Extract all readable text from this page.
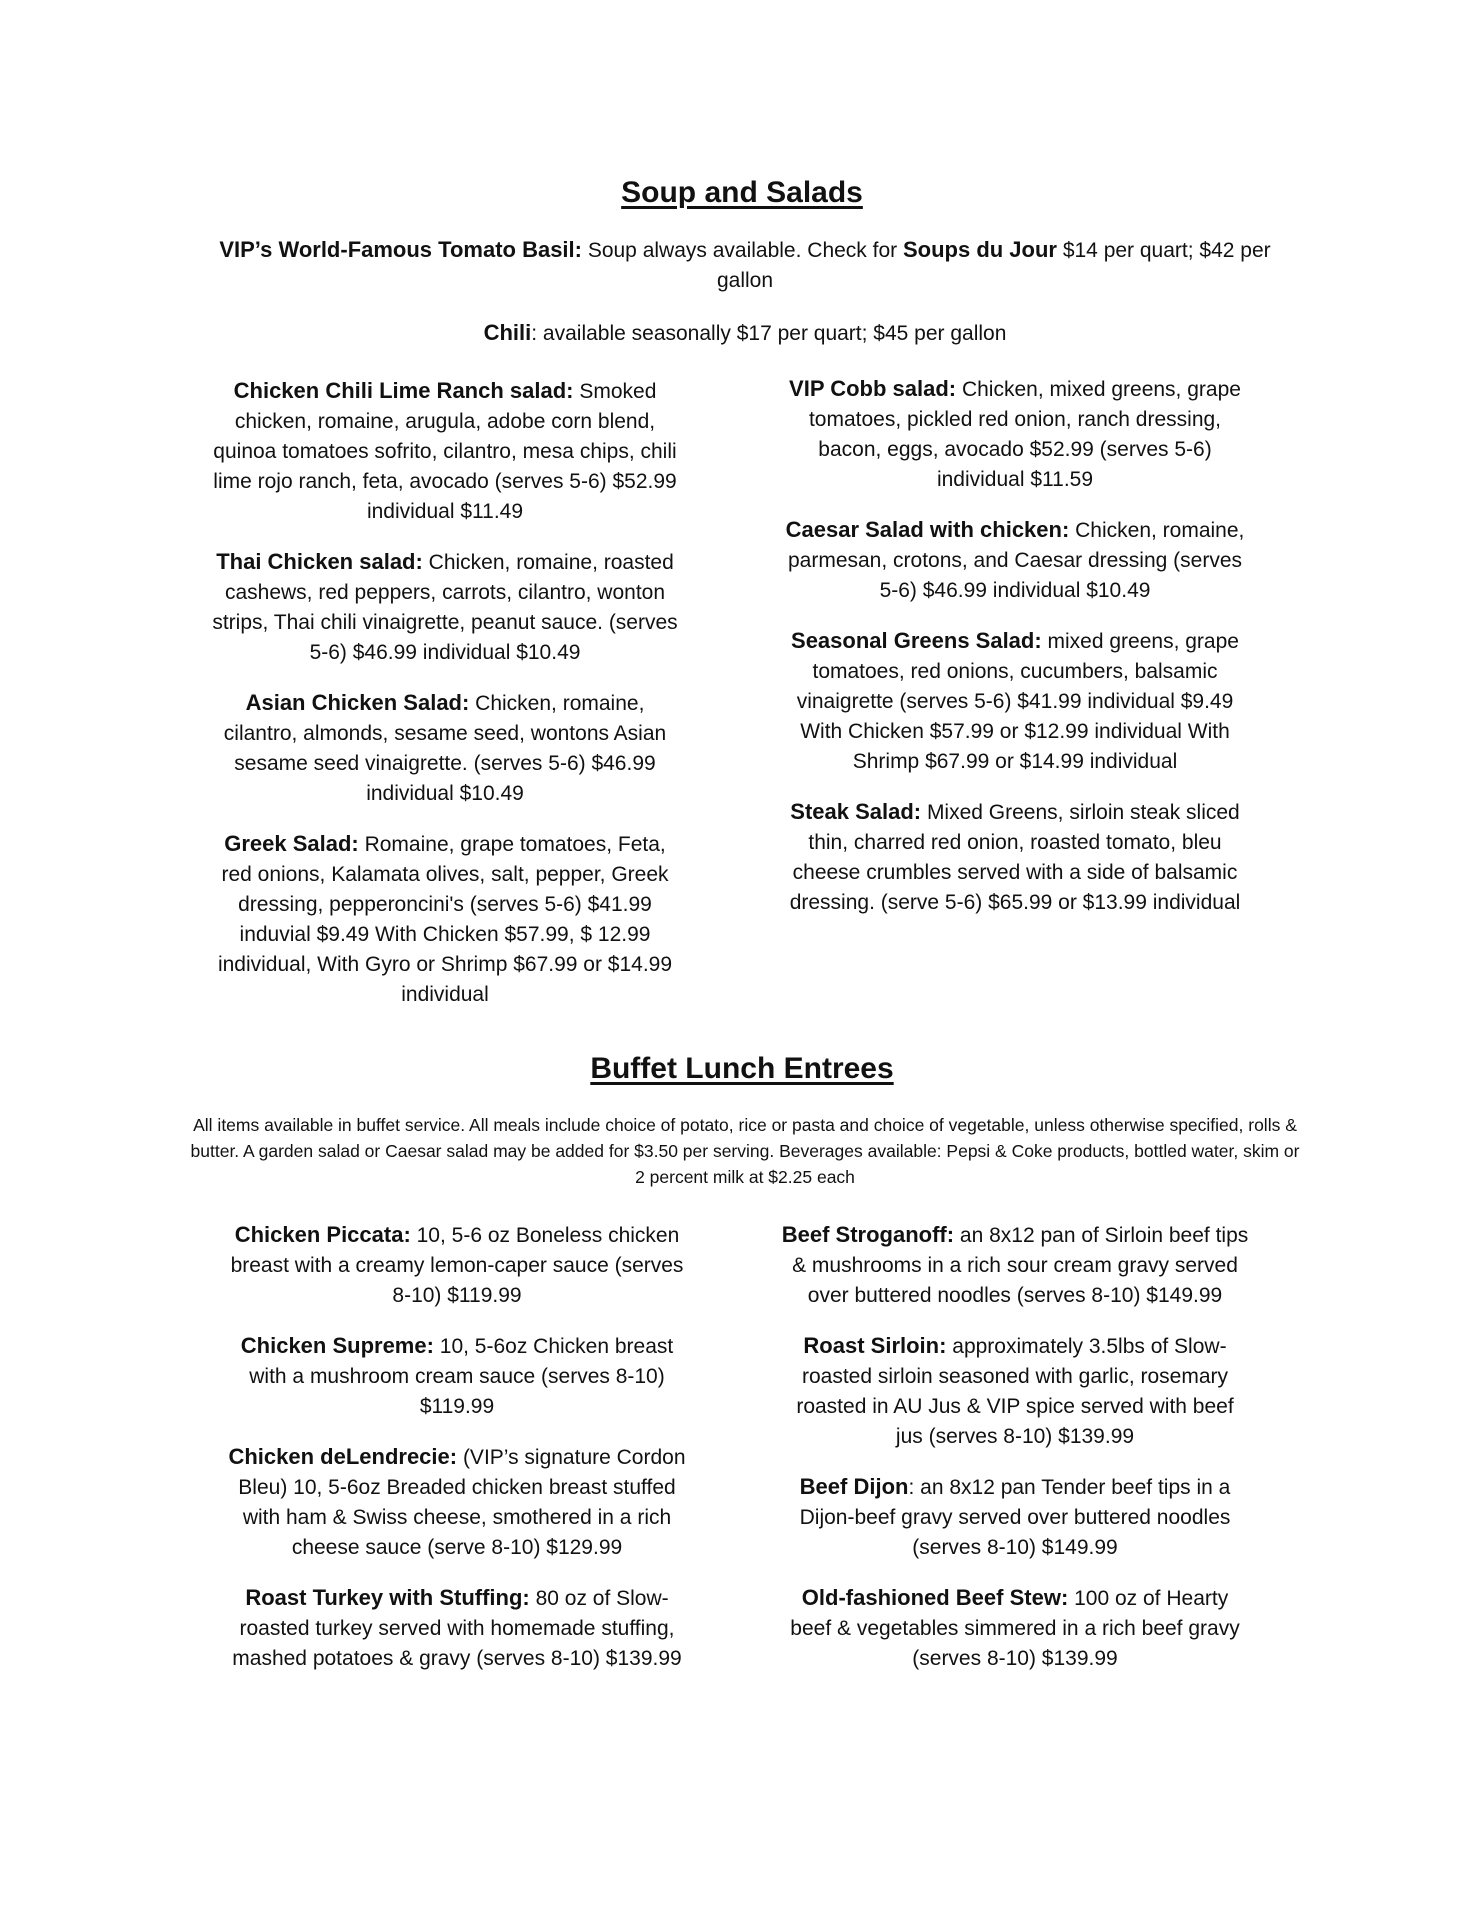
Soup and Salads

VIP’s World-Famous Tomato Basil: Soup always available. Check for Soups du Jour $14 per quart; $42 per gallon

Chili: available seasonally $17 per quart; $45 per gallon

Chicken Chili Lime Ranch salad: Smoked chicken, romaine, arugula, adobe corn blend, quinoa tomatoes sofrito, cilantro, mesa chips, chili lime rojo ranch, feta, avocado (serves 5-6) $52.99 individual $11.49

Thai Chicken salad: Chicken, romaine, roasted cashews, red peppers, carrots, cilantro, wonton strips, Thai chili vinaigrette, peanut sauce. (serves 5-6) $46.99 individual $10.49

Asian Chicken Salad: Chicken, romaine, cilantro, almonds, sesame seed, wontons Asian sesame seed vinaigrette. (serves 5-6) $46.99 individual $10.49

Greek Salad: Romaine, grape tomatoes, Feta, red onions, Kalamata olives, salt, pepper, Greek dressing, pepperoncini's (serves 5-6) $41.99 induvial $9.49 With Chicken $57.99, $ 12.99 individual, With Gyro or Shrimp $67.99 or $14.99 individual

VIP Cobb salad: Chicken, mixed greens, grape tomatoes, pickled red onion, ranch dressing, bacon, eggs, avocado $52.99 (serves 5-6) individual $11.59

Caesar Salad with chicken: Chicken, romaine, parmesan, crotons, and Caesar dressing (serves 5-6) $46.99 individual $10.49

Seasonal Greens Salad: mixed greens, grape tomatoes, red onions, cucumbers, balsamic vinaigrette (serves 5-6) $41.99 individual $9.49 With Chicken $57.99 or $12.99 individual With Shrimp $67.99 or $14.99 individual

Steak Salad: Mixed Greens, sirloin steak sliced thin, charred red onion, roasted tomato, bleu cheese crumbles served with a side of balsamic dressing. (serve 5-6) $65.99 or $13.99 individual

Buffet Lunch Entrees

All items available in buffet service. All meals include choice of potato, rice or pasta and choice of vegetable, unless otherwise specified, rolls & butter. A garden salad or Caesar salad may be added for $3.50 per serving. Beverages available: Pepsi & Coke products, bottled water, skim or 2 percent milk at $2.25 each

Chicken Piccata: 10, 5-6 oz Boneless chicken breast with a creamy lemon-caper sauce (serves 8-10) $119.99

Chicken Supreme: 10, 5-6oz Chicken breast with a mushroom cream sauce (serves 8-10) $119.99

Chicken deLendrecie: (VIP’s signature Cordon Bleu) 10, 5-6oz Breaded chicken breast stuffed with ham & Swiss cheese, smothered in a rich cheese sauce (serve 8-10) $129.99

Roast Turkey with Stuffing: 80 oz of Slow-roasted turkey served with homemade stuffing, mashed potatoes & gravy (serves 8-10) $139.99

Beef Stroganoff: an 8x12 pan of Sirloin beef tips & mushrooms in a rich sour cream gravy served over buttered noodles (serves 8-10) $149.99

Roast Sirloin: approximately 3.5lbs of Slow-roasted sirloin seasoned with garlic, rosemary roasted in AU Jus & VIP spice served with beef jus (serves 8-10) $139.99

Beef Dijon: an 8x12 pan Tender beef tips in a Dijon-beef gravy served over buttered noodles (serves 8-10) $149.99

Old-fashioned Beef Stew: 100 oz of Hearty beef & vegetables simmered in a rich beef gravy (serves 8-10) $139.99
